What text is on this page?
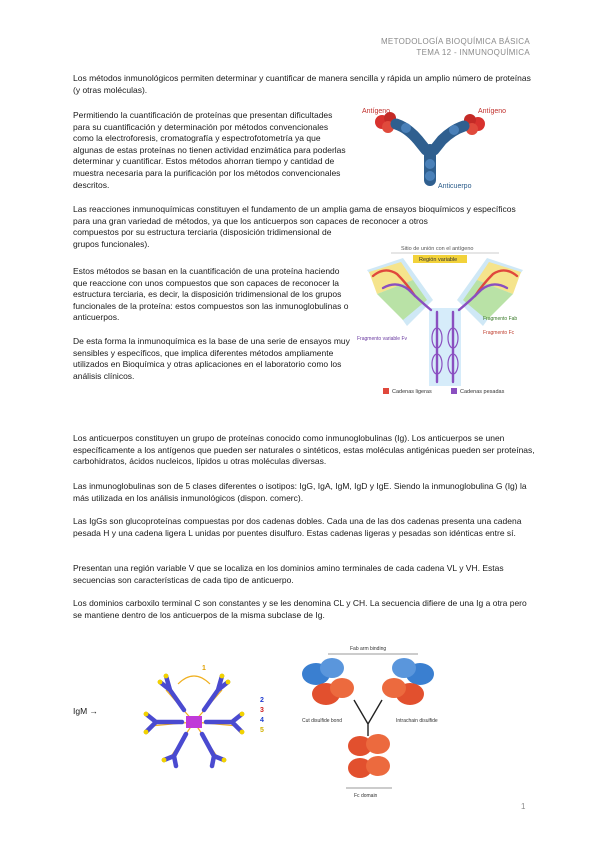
METODOLOGÍA BIOQUÍMICA BÁSICA
TEMA 12 - INMUNOQUÍMICA

Los métodos inmunológicos permiten determinar y cuantificar de manera sencilla y rápida un amplio número de proteínas (y otras moléculas).

Permitiendo la cuantificación de proteínas que presentan dificultades para su cuantificación y determinación por métodos convencionales como la electroforesis, cromatografía y espectrofotometría ya que algunas de estas proteínas no tienen actividad enzimática para poderlas determinar y cuantificar. Estos métodos ahorran tiempo y cantidad de muestra necesaria para la purificación por los métodos convencionales descritos.

Las reacciones inmunoquímicas constituyen el fundamento de un amplia gama de ensayos bioquímicos y específicos para una gran variedad de métodos, ya que los anticuerpos son capaces de reconocer a otros

compuestos por su estructura terciaria (disposición tridimensional de grupos funcionales).

Estos métodos se basan en la cuantificación de una proteína haciendo que reaccione con unos compuestos que son capaces de reconocer la estructura terciaria, es decir, la disposición tridimensional de los grupos funcionales de la proteína: estos compuestos son las inmunoglobulinas o anticuerpos.

De esta forma la inmunoquímica es la base de una serie de ensayos muy sensibles y específicos, que implica diferentes métodos ampliamente utilizados en Bioquímica y otras aplicaciones en el laboratorio como los análisis clínicos.

Los anticuerpos constituyen un grupo de proteínas conocido como inmunoglobulinas (Ig). Los anticuerpos se unen específicamente a los antígenos que pueden ser naturales o sintéticos, estas moléculas antigénicas pueden ser proteínas, carbohidratos, ácidos nucleicos, lípidos u otras moléculas diversas.

Las inmunoglobulinas son de 5 clases diferentes o isotipos: IgG, IgA, IgM, IgD y IgE. Siendo la inmunoglobulina G (Ig) la más utilizada en los análisis inmunológicos (dispon. comerc).

Las IgGs son glucoproteínas compuestas por dos cadenas dobles. Cada una de las dos cadenas presenta una cadena pesada H y una cadena ligera L unidas por puentes disulfuro. Estas cadenas ligeras y pesadas son idénticas entre sí.

Presentan una región variable V que se localiza en los dominios amino terminales de cada cadena VL y VH. Estas secuencias son características de cada tipo de anticuerpo.

Los dominios carboxilo terminal C son constantes y se les denomina CL y CH. La secuencia difiere de una Ig a otra pero se mantiene dentro de los anticuerpos de la misma subclase de Ig.

Antígeno	Antígeno
Anticuerpo
Sitio de unión con el antígeno
Región variable
Fragmento variable Fv
Fragmento Fab
Fragmento Fc
Cadenas ligeras	Cadenas pesadas
IgM →
2
3
4
5
1
Fab arm binding
Cut disulfide bond	Intrachain disulfide
Fc domain
1
